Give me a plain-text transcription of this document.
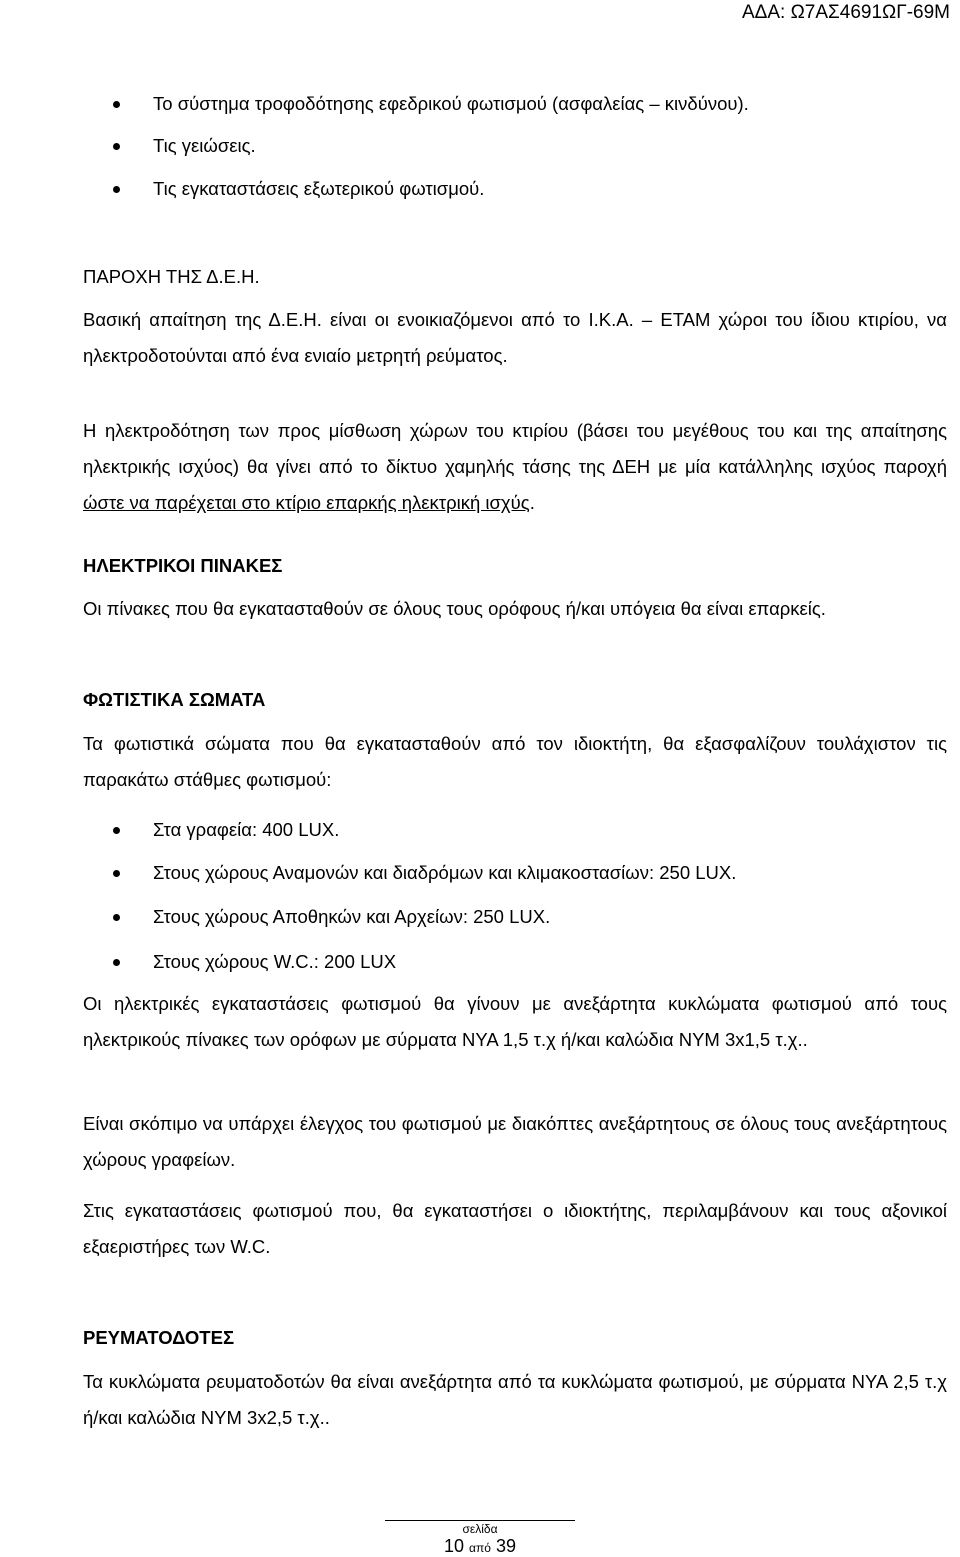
ΑΔΑ: Ω7ΑΣ4691ΩΓ-69Μ
Το σύστημα τροφοδότησης εφεδρικού φωτισμού (ασφαλείας – κινδύνου).
Τις γειώσεις.
Τις εγκαταστάσεις εξωτερικού φωτισμού.

ΠΑΡΟΧΗ ΤΗΣ Δ.Ε.Η.

Βασική απαίτηση της Δ.Ε.Η. είναι οι ενοικιαζόμενοι από το Ι.Κ.Α. – ΕΤΑΜ χώροι του ίδιου κτιρίου, να ηλεκτροδοτούνται από ένα ενιαίο μετρητή ρεύματος.

Η ηλεκτροδότηση των προς μίσθωση χώρων του κτιρίου (βάσει του μεγέθους του και της απαίτησης ηλεκτρικής ισχύος) θα γίνει από το δίκτυο χαμηλής τάσης της ΔΕΗ με μία κατάλληλης ισχύος παροχή ώστε να παρέχεται στο κτίριο επαρκής ηλεκτρική ισχύς.

ΗΛΕΚΤΡΙΚΟΙ ΠΙΝΑΚΕΣ

Οι πίνακες που θα εγκατασταθούν σε όλους τους ορόφους ή/και υπόγεια θα είναι επαρκείς.

ΦΩΤΙΣΤΙΚΑ ΣΩΜΑΤΑ

Τα φωτιστικά σώματα που θα εγκατασταθούν από τον ιδιοκτήτη, θα εξασφαλίζουν τουλάχιστον τις παρακάτω στάθμες φωτισμού:

Στα γραφεία: 400 LUX.
Στους χώρους Αναμονών και διαδρόμων και κλιμακοστασίων: 250 LUX.
Στους χώρους Αποθηκών και Αρχείων: 250 LUX.
Στους χώρους W.C.: 200 LUX

Οι ηλεκτρικές εγκαταστάσεις φωτισμού θα γίνουν με ανεξάρτητα κυκλώματα φωτισμού από τους ηλεκτρικούς πίνακες των ορόφων με σύρματα ΝΥΑ 1,5 τ.χ ή/και καλώδια ΝΥΜ 3x1,5 τ.χ..

Είναι σκόπιμο να υπάρχει έλεγχος του φωτισμού με διακόπτες ανεξάρτητους σε όλους τους ανεξάρτητους χώρους γραφείων.

Στις εγκαταστάσεις φωτισμού που, θα εγκαταστήσει ο ιδιοκτήτης, περιλαμβάνουν και τους αξονικοί εξαεριστήρες των W.C.

ΡΕΥΜΑΤΟΔΟΤΕΣ

Τα κυκλώματα ρευματοδοτών θα είναι ανεξάρτητα από τα κυκλώματα φωτισμού, με σύρματα ΝΥΑ 2,5 τ.χ ή/και καλώδια ΝΥΜ 3x2,5 τ.χ..

σελίδα
10 από 39
